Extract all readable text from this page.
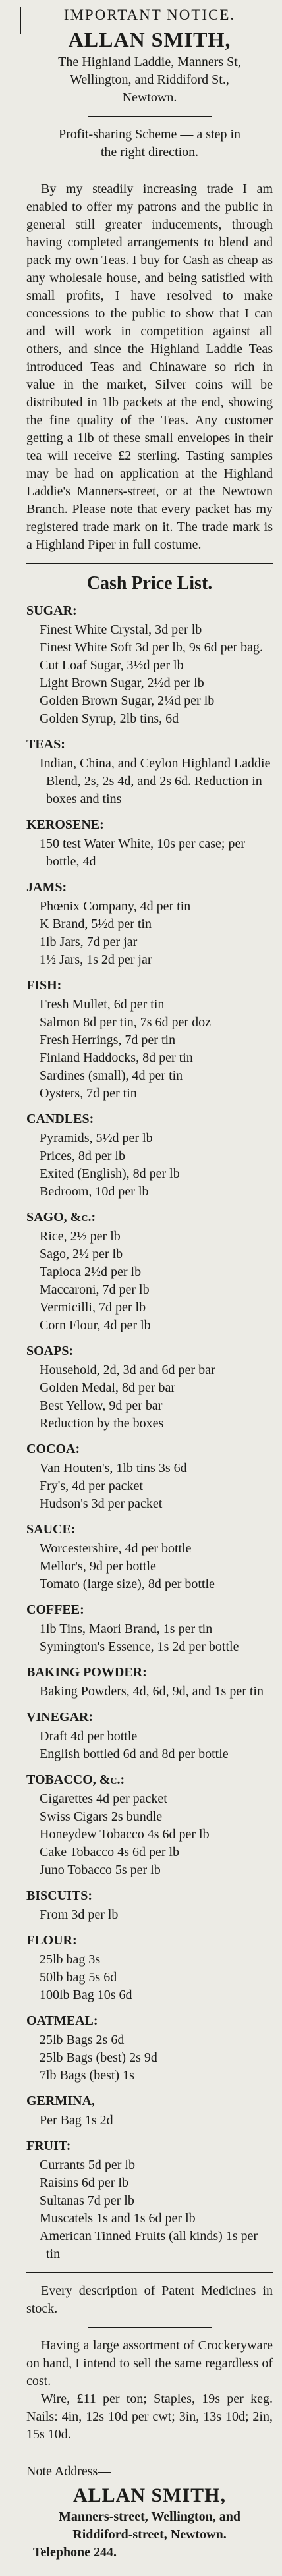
IMPORTANT NOTICE.
ALLAN SMITH,

The Highland Laddie, Manners St,

Wellington, and Riddiford St.,

Newtown.

Profit-sharing Scheme — a step in

the right direction.

By my steadily increasing trade I am enabled to offer my patrons and the public in general still greater inducements, through having completed arrangements to blend and pack my own Teas. I buy for Cash as cheap as any wholesale house, and being satisfied with small profits, I have resolved to make concessions to the public to show that I can and will work in competition against all others, and since the Highland Laddie Teas introduced Teas and Chinaware so rich in value in the market, Silver coins will be distributed in 1lb packets at the end, showing the fine quality of the Teas. Any customer getting a 1lb of these small envelopes in their tea will receive £2 sterling. Tasting samples may be had on application at the Highland Laddie's Manners-street, or at the Newtown Branch. Please note that every packet has my registered trade mark on it. The trade mark is a Highland Piper in full costume.

Cash Price List.

SUGAR:

Finest White Crystal, 3d per lb

Finest White Soft 3d per lb, 9s 6d per bag.

Cut Loaf Sugar, 3½d per lb

Light Brown Sugar, 2½d per lb

Golden Brown Sugar, 2¼d per lb

Golden Syrup, 2lb tins, 6d

TEAS:

Indian, China, and Ceylon Highland Laddie Blend, 2s, 2s 4d, and 2s 6d. Reduction in boxes and tins

KEROSENE:

150 test Water White, 10s per case; per bottle, 4d

JAMS:

Phœnix Company, 4d per tin

K Brand, 5½d per tin

1lb Jars, 7d per jar

1½ Jars, 1s 2d per jar

FISH:

Fresh Mullet, 6d per tin

Salmon 8d per tin, 7s 6d per doz

Fresh Herrings, 7d per tin

Finland Haddocks, 8d per tin

Sardines (small), 4d per tin

Oysters, 7d per tin

CANDLES:

Pyramids, 5½d per lb

Prices, 8d per lb

Exited (English), 8d per lb

Bedroom, 10d per lb

SAGO, &c.:

Rice, 2½ per lb

Sago, 2½ per lb

Tapioca 2½d per lb

Maccaroni, 7d per lb

Vermicilli, 7d per lb

Corn Flour, 4d per lb

SOAPS:

Household, 2d, 3d and 6d per bar

Golden Medal, 8d per bar

Best Yellow, 9d per bar

Reduction by the boxes

COCOA:

Van Houten's, 1lb tins 3s 6d

Fry's, 4d per packet

Hudson's 3d per packet

SAUCE:

Worcestershire, 4d per bottle

Mellor's, 9d per bottle

Tomato (large size), 8d per bottle

COFFEE:

1lb Tins, Maori Brand, 1s per tin

Symington's Essence, 1s 2d per bottle

BAKING POWDER:

Baking Powders, 4d, 6d, 9d, and 1s per tin

VINEGAR:

Draft 4d per bottle

English bottled 6d and 8d per bottle

TOBACCO, &c.:

Cigarettes 4d per packet

Swiss Cigars 2s bundle

Honeydew Tobacco 4s 6d per lb

Cake Tobacco 4s 6d per lb

Juno Tobacco 5s per lb

BISCUITS:

From 3d per lb

FLOUR:

25lb bag 3s

50lb bag 5s 6d

100lb Bag 10s 6d

OATMEAL:

25lb Bags 2s 6d

25lb Bags (best) 2s 9d

7lb Bags (best) 1s

GERMINA,

Per Bag 1s 2d

FRUIT:

Currants 5d per lb

Raisins 6d per lb

Sultanas 7d per lb

Muscatels 1s and 1s 6d per lb

American Tinned Fruits (all kinds) 1s per tin

Every description of Patent Medicines in stock.

Having a large assortment of Crockeryware on hand, I intend to sell the same regardless of cost.

Wire, £11 per ton; Staples, 19s per keg. Nails: 4in, 12s 10d per cwt; 3in, 13s 10d; 2in, 15s 10d.

Note Address—

ALLAN SMITH,

Manners-street, Wellington, and

Riddiford-street, Newtown.

Telephone 244.
